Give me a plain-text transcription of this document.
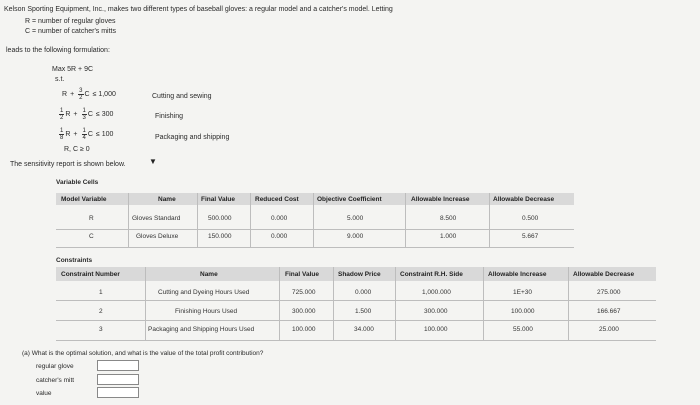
Kelson Sporting Equipment, Inc., makes two different types of baseball gloves: a regular model and a catcher's model. Letting
R = number of regular gloves
C = number of catcher's mitts
leads to the following formulation:
Max 5R + 9C
s.t.
$R + \frac{3}{2}$ C ≤ 1,000	Cutting and sewing
$\frac{1}{2}$ $R + \frac{1}{3}$ C ≤ 300	Finishing
$\frac{1}{8}$ $R + \frac{1}{4}$ C ≤ 100	Packaging and shipping
R, C ≥ 0
The sensitivity report is shown below.	▼
Variable Cells
Model Variable	Name	Final Value	Reduced Cost	Objective Coefficient	Allowable Increase	Allowable Decrease
R	Gloves Standard	500.000	0.000	5.000	8.500	0.500
C	Gloves Deluxe	150.000	0.000	9.000	1.000	5.667
Constraints
Constraint Number	Name	Final Value	Shadow Price	Constraint R.H. Side	Allowable Increase	Allowable Decrease
1	Cutting and Dyeing Hours Used	725.000	0.000	1,000.000	1E+30	275.000
2	Finishing Hours Used	300.000	1.500	300.000	100.000	166.667
3	Packaging and Shipping Hours Used	100.000	34.000	100.000	55.000	25.000
(a) What is the optimal solution, and what is the value of the total profit contribution?
regular glove
catcher's mitt
value
